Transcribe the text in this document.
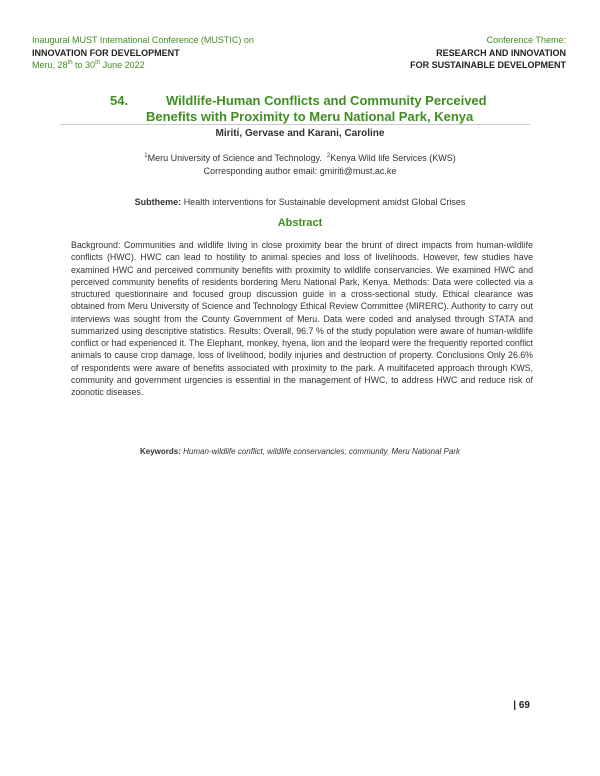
Inaugural MUST International Conference (MUSTIC) on
INNOVATION FOR DEVELOPMENT
Meru, 28th to 30th June 2022
Conference Theme:
RESEARCH AND INNOVATION
FOR SUSTAINABLE DEVELOPMENT
54.	Wildlife-Human Conflicts and Community Perceived
Benefits with Proximity to Meru National Park, Kenya
Miriti, Gervase and Karani, Caroline
$^1$Meru University of Science and Technology. $^2$Kenya Wild life Services (KWS)
Corresponding author email: gmiriti@must.ac.ke
Subtheme: Health interventions for Sustainable development amidst Global Crises
Abstract

Background: Communities and wildlife living in close proximity bear the brunt of direct impacts from human-wildlife conflicts (HWC). HWC can lead to hostility to animal species and loss of livelihoods. However, few studies have examined HWC and perceived community benefits with proximity to wildlife conservancies. We examined HWC and perceived community benefits of residents bordering Meru National Park, Kenya. Methods: Data were collected via a structured questionnaire and focused group discussion guide in a cross-sectional study. Ethical clearance was obtained from Meru University of Science and Technology Ethical Review Committee (MIRERC). Authority to carry out interviews was sought from the County Government of Meru. Data were coded and analysed through STATA and summarized using descriptive statistics. Results: Overall, 96.7 % of the study population were aware of human-wildlife conflict or had experienced it. The Elephant, monkey, hyena, lion and the leopard were the frequently reported conflict animals to cause crop damage, loss of livelihood, bodily injuries and destruction of property. Conclusions Only 26.6% of respondents were aware of benefits associated with proximity to the park. A multifaceted approach through KWS, community and government urgencies is essential in the management of HWC, to address HWC and reduce risk of zoonotic diseases.

Keywords: Human-wildlife conflict, wildlife conservancies, community. Meru National Park
| 69
